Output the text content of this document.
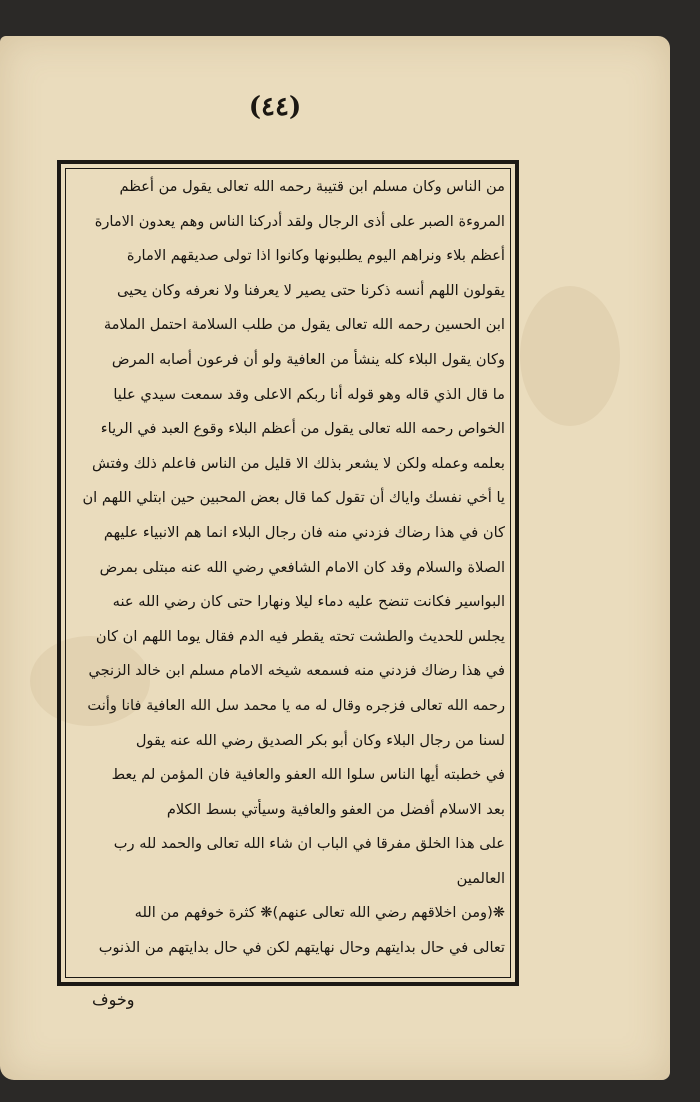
(٤٤)
من الناس وكان مسلم ابن قتيبة رحمه الله تعالى يقول من أعظم
المروءة الصبر على أذى الرجال ولقد أدركنا الناس وهم يعدون الامارة
أعظم بلاء ونراهم اليوم يطلبونها وكانوا اذا تولى صديقهم الامارة
يقولون اللهم أنسه ذكرنا حتى يصير لا يعرفنا ولا نعرفه وكان يحيى
ابن الحسين رحمه الله تعالى يقول من طلب السلامة احتمل الملامة
وكان يقول البلاء كله ينشأ من العافية ولو أن فرعون أصابه المرض
ما قال الذي قاله وهو قوله أنا ربكم الاعلى وقد سمعت سيدي عليا
الخواص رحمه الله تعالى يقول من أعظم البلاء وقوع العبد في الرياء
بعلمه وعمله ولكن لا يشعر بذلك الا قليل من الناس فاعلم ذلك وفتش
يا أخي نفسك واياك أن تقول كما قال بعض المحبين حين ابتلي اللهم ان
كان في هذا رضاك فزدني منه فان رجال البلاء انما هم الانبياء عليهم
الصلاة والسلام وقد كان الامام الشافعي رضي الله عنه مبتلى بمرض
البواسير فكانت تنضح عليه دماء ليلا ونهارا حتى كان رضي الله عنه
يجلس للحديث والطشت تحته يقطر فيه الدم فقال يوما اللهم ان كان
في هذا رضاك فزدني منه فسمعه شيخه الامام مسلم ابن خالد الزنجي
رحمه الله تعالى فزجره وقال له مه يا محمد سل الله العافية فانا وأنت
لسنا من رجال البلاء وكان أبو بكر الصديق رضي الله عنه يقول
في خطبته أيها الناس سلوا الله العفو والعافية فان المؤمن لم يعط
بعد الاسلام أفضل من العفو والعافية وسيأتي بسط الكلام
على هذا الخلق مفرقا في الباب ان شاء الله تعالى والحمد لله رب
العالمين
❋(ومن اخلاقهم رضي الله تعالى عنهم)❋ كثرة خوفهم من الله
تعالى في حال بدايتهم وحال نهايتهم لكن في حال بدايتهم من الذنوب
وخوف
